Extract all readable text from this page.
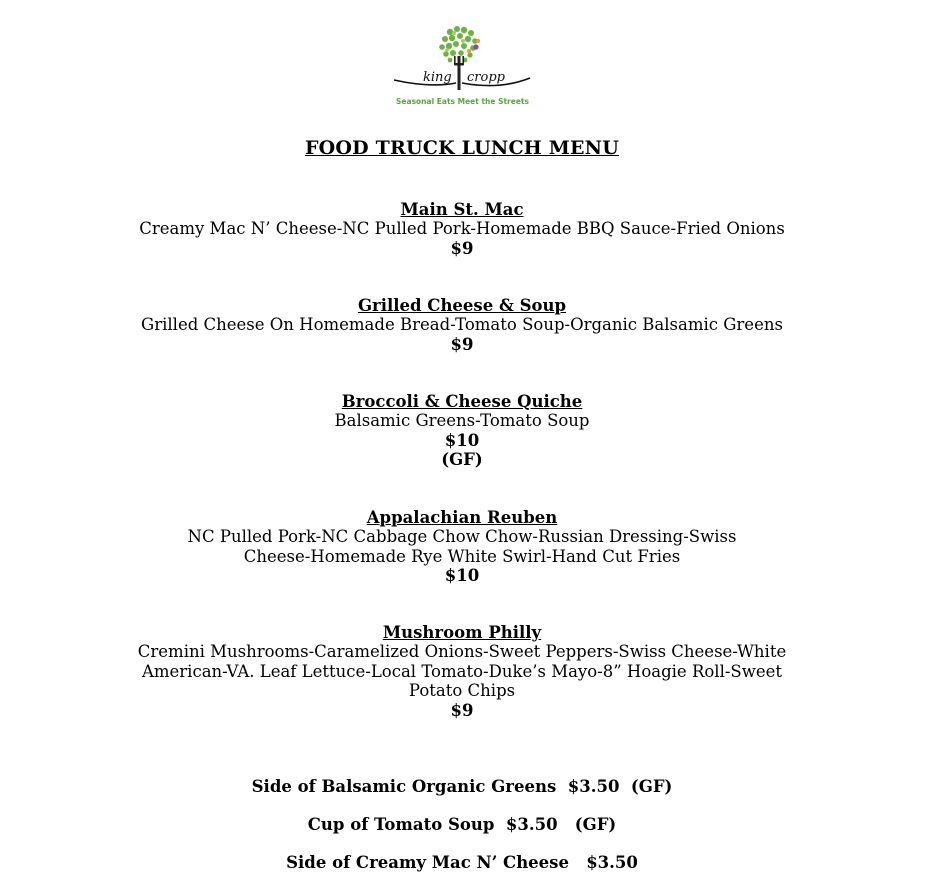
king cropp
Seasonal Eats Meet the Streets
FOOD TRUCK LUNCH MENU
Main St. Mac
Creamy Mac N’ Cheese-NC Pulled Pork-Homemade BBQ Sauce-Fried Onions
$9
Grilled Cheese & Soup
Grilled Cheese On Homemade Bread-Tomato Soup-Organic Balsamic Greens
$9
Broccoli & Cheese Quiche
Balsamic Greens-Tomato Soup
$10
(GF)
Appalachian Reuben
NC Pulled Pork-NC Cabbage Chow Chow-Russian Dressing-Swiss
Cheese-Homemade Rye White Swirl-Hand Cut Fries
$10
Mushroom Philly
Cremini Mushrooms-Caramelized Onions-Sweet Peppers-Swiss Cheese-White
American-VA. Leaf Lettuce-Local Tomato-Duke’s Mayo-8” Hoagie Roll-Sweet
Potato Chips
$9
Side of Balsamic Organic Greens  $3.50  (GF)
Cup of Tomato Soup  $3.50   (GF)
Side of Creamy Mac N’ Cheese   $3.50
